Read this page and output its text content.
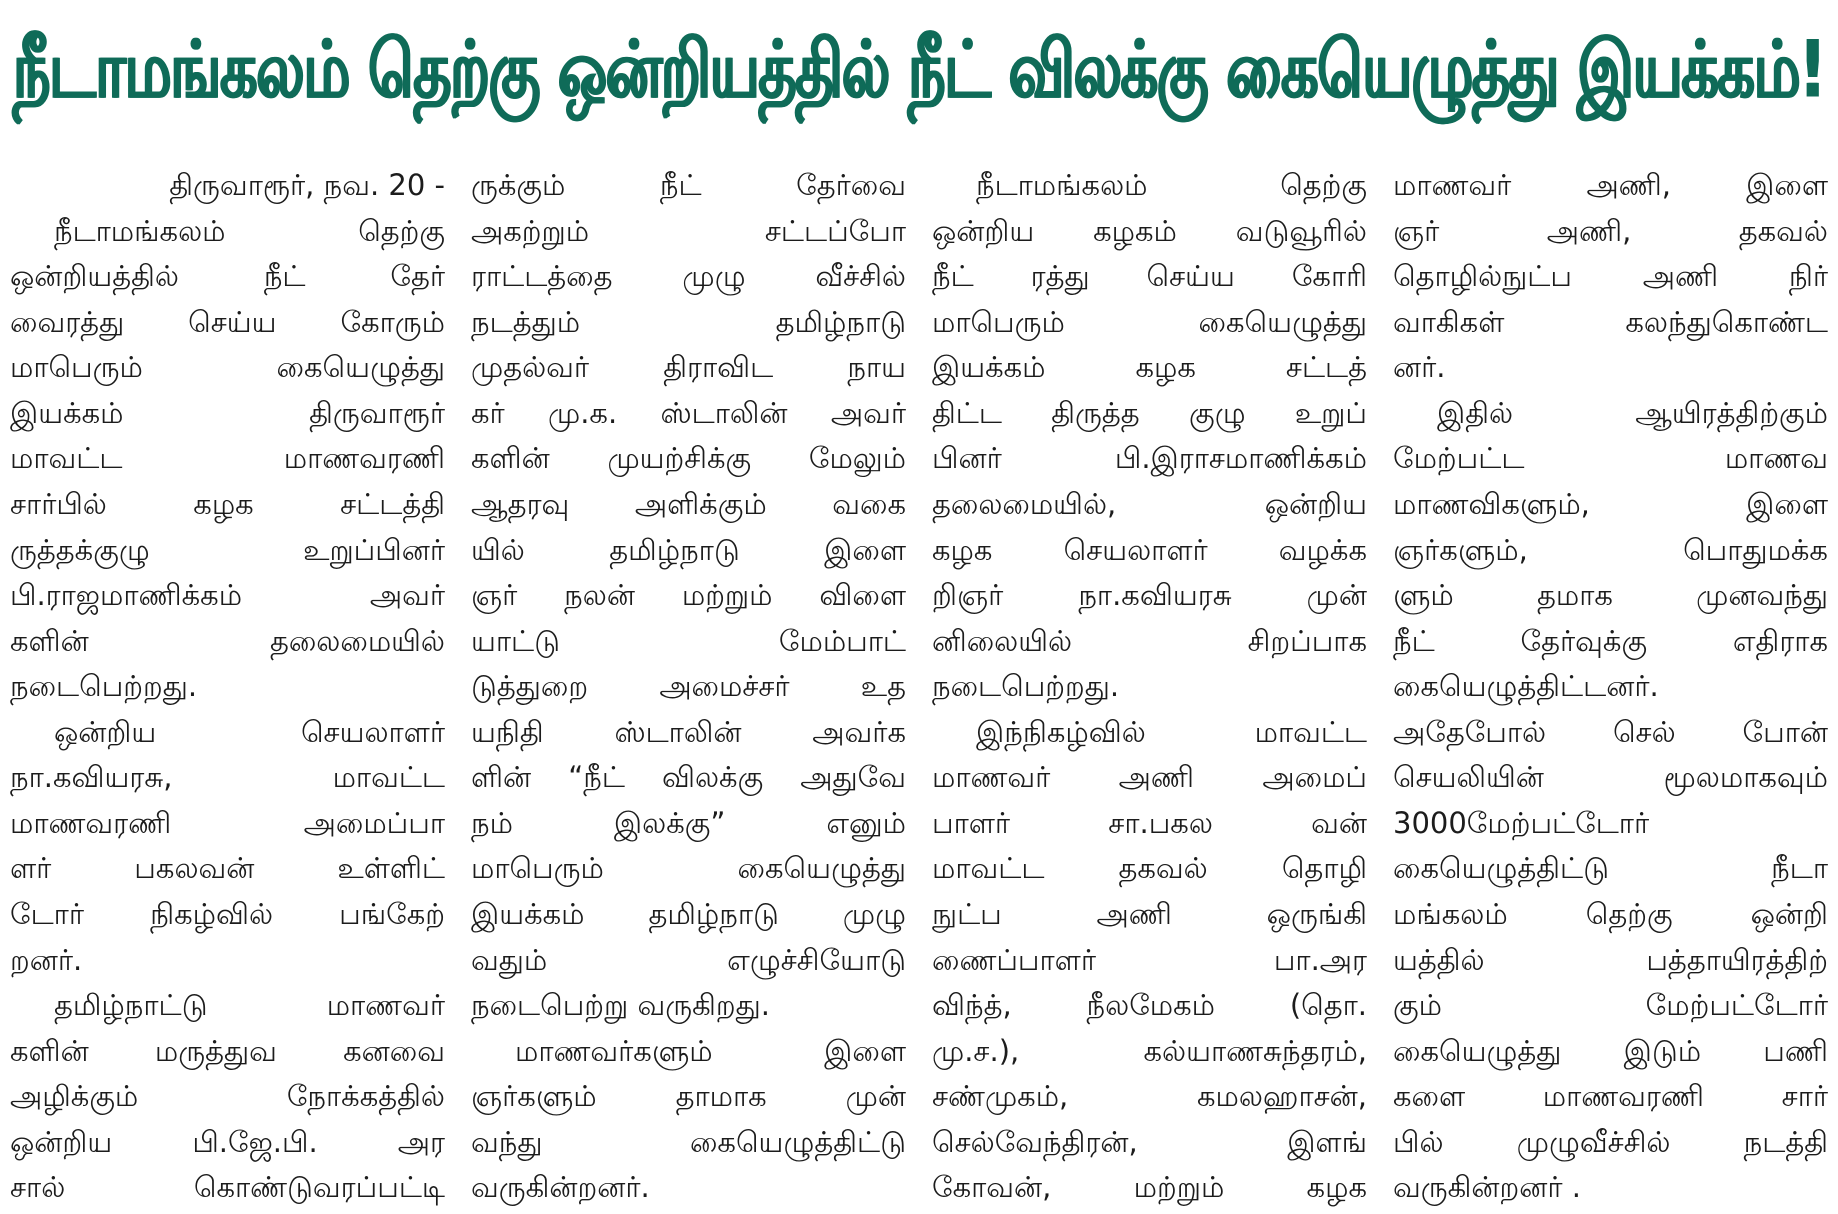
நீடாமங்கலம் தெற்கு ஒன்றியத்தில் நீட் விலக்கு கையெழுத்து இயக்கம்!
திருவாரூர், நவ. 20 -
நீடாமங்கலம் தெற்கு
ஒன்றியத்தில் நீட் தேர்
வைரத்து செய்ய கோரும்
மாபெரும் கையெழுத்து
இயக்கம் திருவாரூர்
மாவட்ட மாணவரணி
சார்பில் கழக சட்டத்தி
ருத்தக்குழு உறுப்பினர்
பி.ராஜமாணிக்கம் அவர்
களின் தலைமையில்
நடைபெற்றது.
ஒன்றிய செயலாளர்
நா.கவியரசு, மாவட்ட
மாணவரணி அமைப்பா
ளர் பகலவன் உள்ளிட்
டோர் நிகழ்வில் பங்கேற்
றனர்.
தமிழ்நாட்டு மாணவர்
களின் மருத்துவ கனவை
அழிக்கும் நோக்கத்தில்
ஒன்றிய பி.ஜே.பி. அர
சால் கொண்டுவரப்பட்டி
ருக்கும் நீட் தேர்வை
அகற்றும் சட்டப்போ
ராட்டத்தை முழு வீச்சில்
நடத்தும் தமிழ்நாடு
முதல்வர் திராவிட நாய
கர் மு.க. ஸ்டாலின் அவர்
களின் முயற்சிக்கு மேலும்
ஆதரவு அளிக்கும் வகை
யில் தமிழ்நாடு இளை
ஞர் நலன் மற்றும் விளை
யாட்டு மேம்பாட்
டுத்துறை அமைச்சர் உத
யநிதி ஸ்டாலின் அவர்க
ளின் “நீட் விலக்கு அதுவே
நம் இலக்கு” எனும்
மாபெரும் கையெழுத்து
இயக்கம் தமிழ்நாடு முழு
வதும் எழுச்சியோடு
நடைபெற்று வருகிறது.
மாணவர்களும் இளை
ஞர்களும் தாமாக முன்
வந்து கையெழுத்திட்டு
வருகின்றனர்.
நீடாமங்கலம் தெற்கு
ஒன்றிய கழகம் வடுவூரில்
நீட் ரத்து செய்ய கோரி
மாபெரும் கையெழுத்து
இயக்கம் கழக சட்டத்
திட்ட திருத்த குழு உறுப்
பினர் பி.இராசமாணிக்கம்
தலைமையில், ஒன்றிய
கழக செயலாளர் வழக்க
றிஞர் நா.கவியரசு முன்
னிலையில் சிறப்பாக
நடைபெற்றது.
இந்நிகழ்வில் மாவட்ட
மாணவர் அணி அமைப்
பாளர் சா.பகல வன்
மாவட்ட தகவல் தொழி
நுட்ப அணி ஒருங்கி
ணைப்பாளர் பா.அர
விந்த், நீலமேகம் (தொ.
மு.ச.), கல்யாணசுந்தரம்,
சண்முகம், கமலஹாசன்,
செல்வேந்திரன், இளங்
கோவன், மற்றும் கழக
மாணவர் அணி, இளை
ஞர் அணி, தகவல்
தொழில்நுட்ப அணி நிர்
வாகிகள் கலந்துகொண்ட
னர்.
இதில் ஆயிரத்திற்கும்
மேற்பட்ட மாணவ
மாணவிகளும், இளை
ஞர்களும், பொதுமக்க
ளும் தமாக முனவந்து
நீட் தேர்வுக்கு எதிராக
கையெழுத்திட்டனர்.
அதேபோல் செல் போன்
செயலியின் மூலமாகவும்
3000மேற்பட்டோர்
கையெழுத்திட்டு நீடா
மங்கலம் தெற்கு ஒன்றி
யத்தில் பத்தாயிரத்திற்
கும் மேற்பட்டோர்
கையெழுத்து இடும் பணி
களை மாணவரணி சார்
பில் முழுவீச்சில் நடத்தி
வருகின்றனர் .
